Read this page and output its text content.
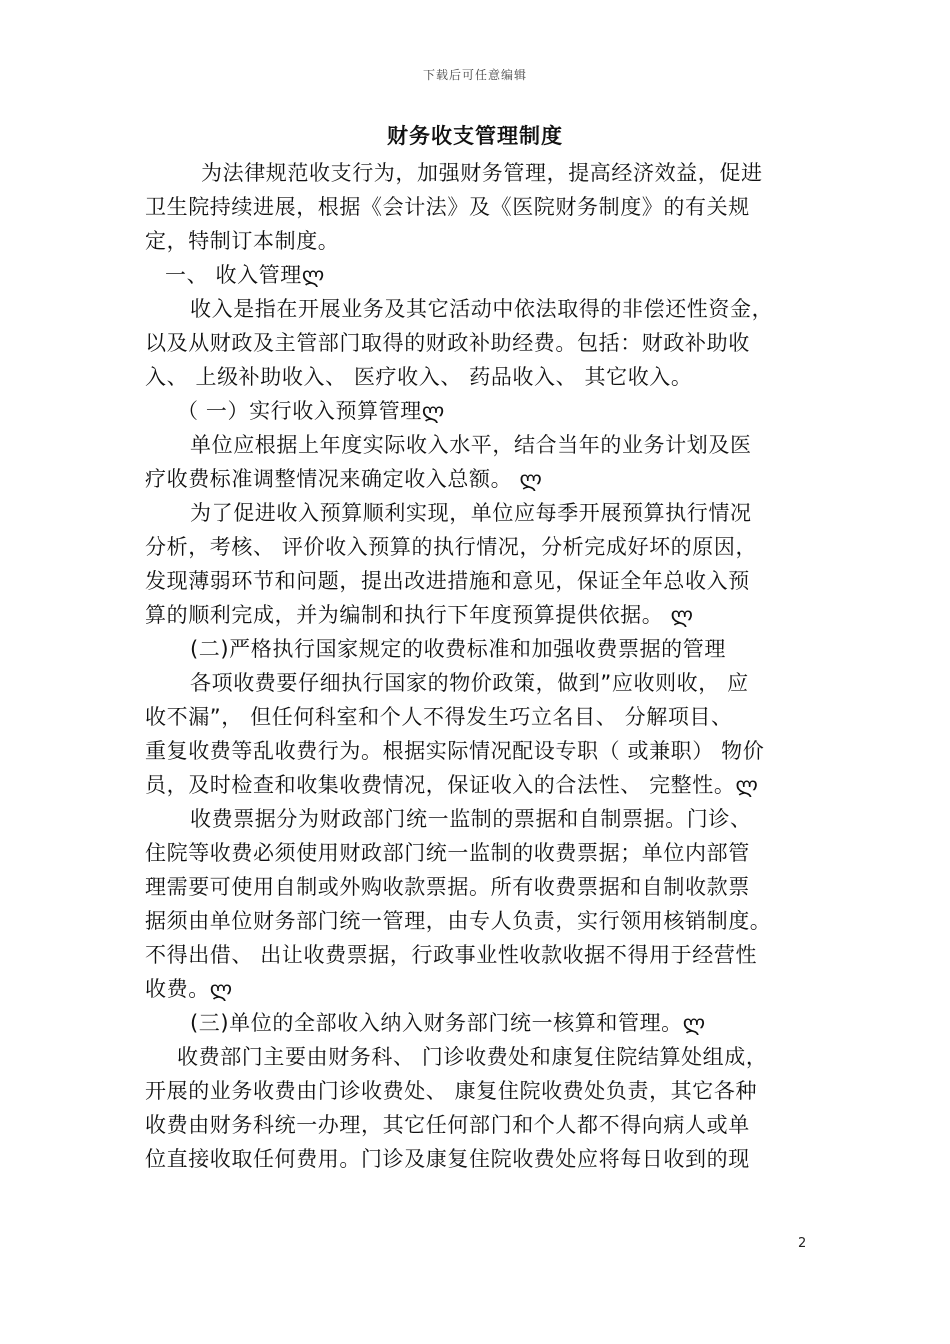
下载后可任意编辑
财务收支管理制度
为法律规范收支行为，加强财务管理，提高经济效益，促进
卫生院持续进展，根据《会计法》及《医院财务制度》的有关规
定，特制订本制度。
一、 收入管理ლ
收入是指在开展业务及其它活动中依法取得的非偿还性资金，
以及从财政及主管部门取得的财政补助经费。包括：财政补助收
入、 上级补助收入、 医疗收入、 药品收入、 其它收入。
（ 一）实行收入预算管理ლ
单位应根据上年度实际收入水平，结合当年的业务计划及医
疗收费标准调整情况来确定收入总额。 ლ
为了促进收入预算顺利实现，单位应每季开展预算执行情况
分析，考核、 评价收入预算的执行情况，分析完成好坏的原因，
发现薄弱环节和问题，提出改进措施和意见，保证全年总收入预
算的顺利完成，并为编制和执行下年度预算提供依据。 ლ
(二)严格执行国家规定的收费标准和加强收费票据的管理
各项收费要仔细执行国家的物价政策，做到”应收则收， 应
收不漏”， 但任何科室和个人不得发生巧立名目、 分解项目、
重复收费等乱收费行为。根据实际情况配设专职（ 或兼职） 物价
员，及时检查和收集收费情况，保证收入的合法性、 完整性。ლ
收费票据分为财政部门统一监制的票据和自制票据。门诊、
住院等收费必须使用财政部门统一监制的收费票据；单位内部管
理需要可使用自制或外购收款票据。所有收费票据和自制收款票
据须由单位财务部门统一管理，由专人负责，实行领用核销制度。
不得出借、 出让收费票据，行政事业性收款收据不得用于经营性
收费。ლ
(三)单位的全部收入纳入财务部门统一核算和管理。ლ
收费部门主要由财务科、 门诊收费处和康复住院结算处组成，
开展的业务收费由门诊收费处、 康复住院收费处负责，其它各种
收费由财务科统一办理，其它任何部门和个人都不得向病人或单
位直接收取任何费用。门诊及康复住院收费处应将每日收到的现
2
